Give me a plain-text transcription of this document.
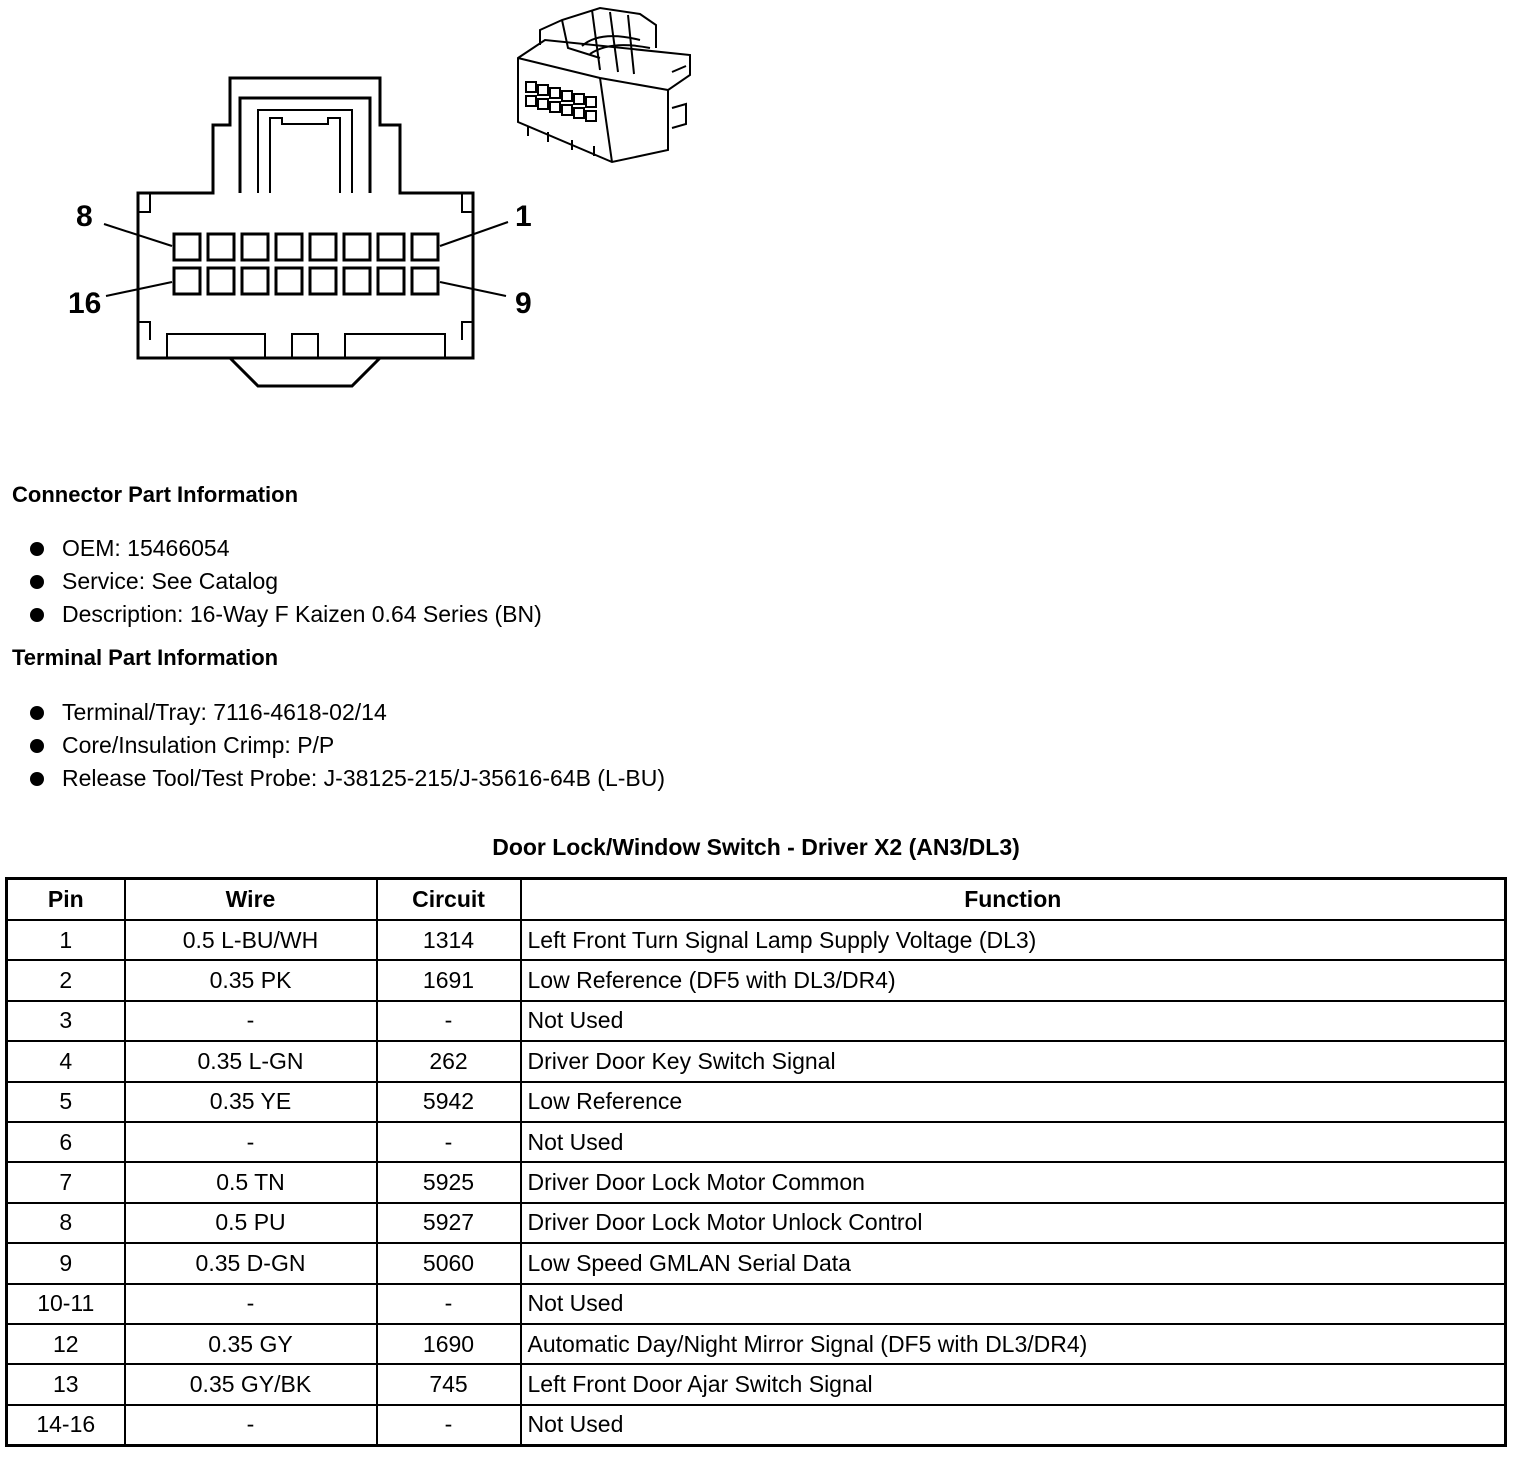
8	1
16	9
Connector Part Information
OEM: 15466054
Service: See Catalog
Description: 16-Way F Kaizen 0.64 Series (BN)
Terminal Part Information
Terminal/Tray: 7116-4618-02/14
Core/Insulation Crimp: P/P
Release Tool/Test Probe: J-38125-215/J-35616-64B (L-BU)
Door Lock/Window Switch - Driver X2 (AN3/DL3)
Pin	Wire	Circuit	Function
1	0.5 L-BU/WH	1314	Left Front Turn Signal Lamp Supply Voltage (DL3)
2	0.35 PK	1691	Low Reference (DF5 with DL3/DR4)
3	-	-	Not Used
4	0.35 L-GN	262	Driver Door Key Switch Signal
5	0.35 YE	5942	Low Reference
6	-	-	Not Used
7	0.5 TN	5925	Driver Door Lock Motor Common
8	0.5 PU	5927	Driver Door Lock Motor Unlock Control
9	0.35 D-GN	5060	Low Speed GMLAN Serial Data
10-11	-	-	Not Used
12	0.35 GY	1690	Automatic Day/Night Mirror Signal (DF5 with DL3/DR4)
13	0.35 GY/BK	745	Left Front Door Ajar Switch Signal
14-16	-	-	Not Used
